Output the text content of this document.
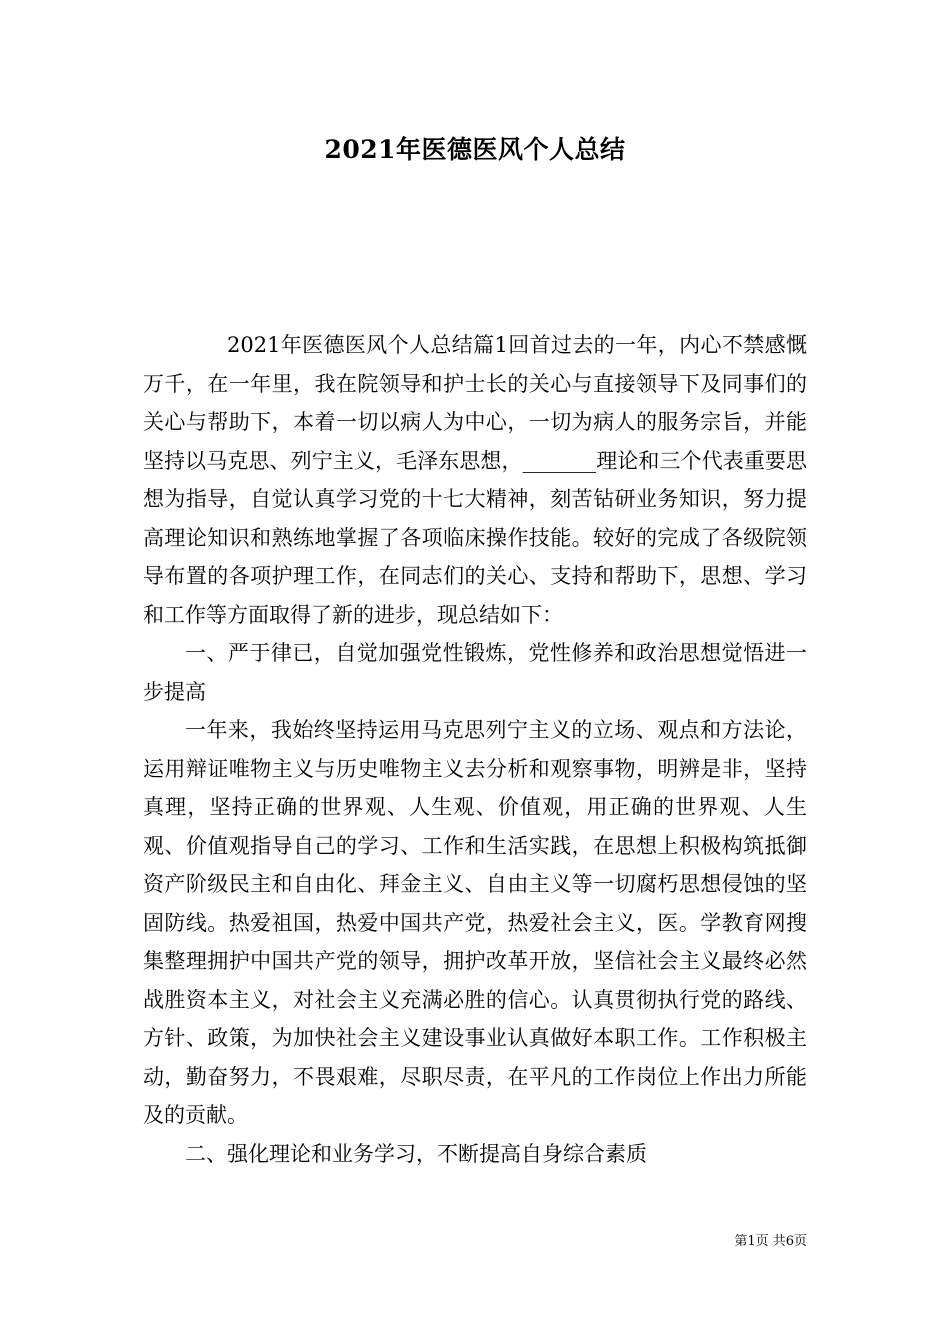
2021年医德医风个人总结

2021年医德医风个人总结篇1回首过去的一年，内心不禁感慨万千，在一年里，我在院领导和护士长的关心与直接领导下及同事们的关心与帮助下，本着一切以病人为中心，一切为病人的服务宗旨，并能坚持以马克思、列宁主义，毛泽东思想，_______理论和三个代表重要思想为指导，自觉认真学习党的十七大精神，刻苦钻研业务知识，努力提高理论知识和熟练地掌握了各项临床操作技能。较好的完成了各级院领导布置的各项护理工作，在同志们的关心、支持和帮助下，思想、学习和工作等方面取得了新的进步，现总结如下：

一、严于律已，自觉加强党性锻炼，党性修养和政治思想觉悟进一步提高

一年来，我始终坚持运用马克思列宁主义的立场、观点和方法论，运用辩证唯物主义与历史唯物主义去分析和观察事物，明辨是非，坚持真理，坚持正确的世界观、人生观、价值观，用正确的世界观、人生观、价值观指导自己的学习、工作和生活实践，在思想上积极构筑抵御资产阶级民主和自由化、拜金主义、自由主义等一切腐朽思想侵蚀的坚固防线。热爱祖国，热爱中国共产党，热爱社会主义，医。学教育网搜集整理拥护中国共产党的领导，拥护改革开放，坚信社会主义最终必然战胜资本主义，对社会主义充满必胜的信心。认真贯彻执行党的路线、方针、政策，为加快社会主义建设事业认真做好本职工作。工作积极主动，勤奋努力，不畏艰难，尽职尽责，在平凡的工作岗位上作出力所能及的贡献。

二、强化理论和业务学习，不断提高自身综合素质

第1页 共6页
